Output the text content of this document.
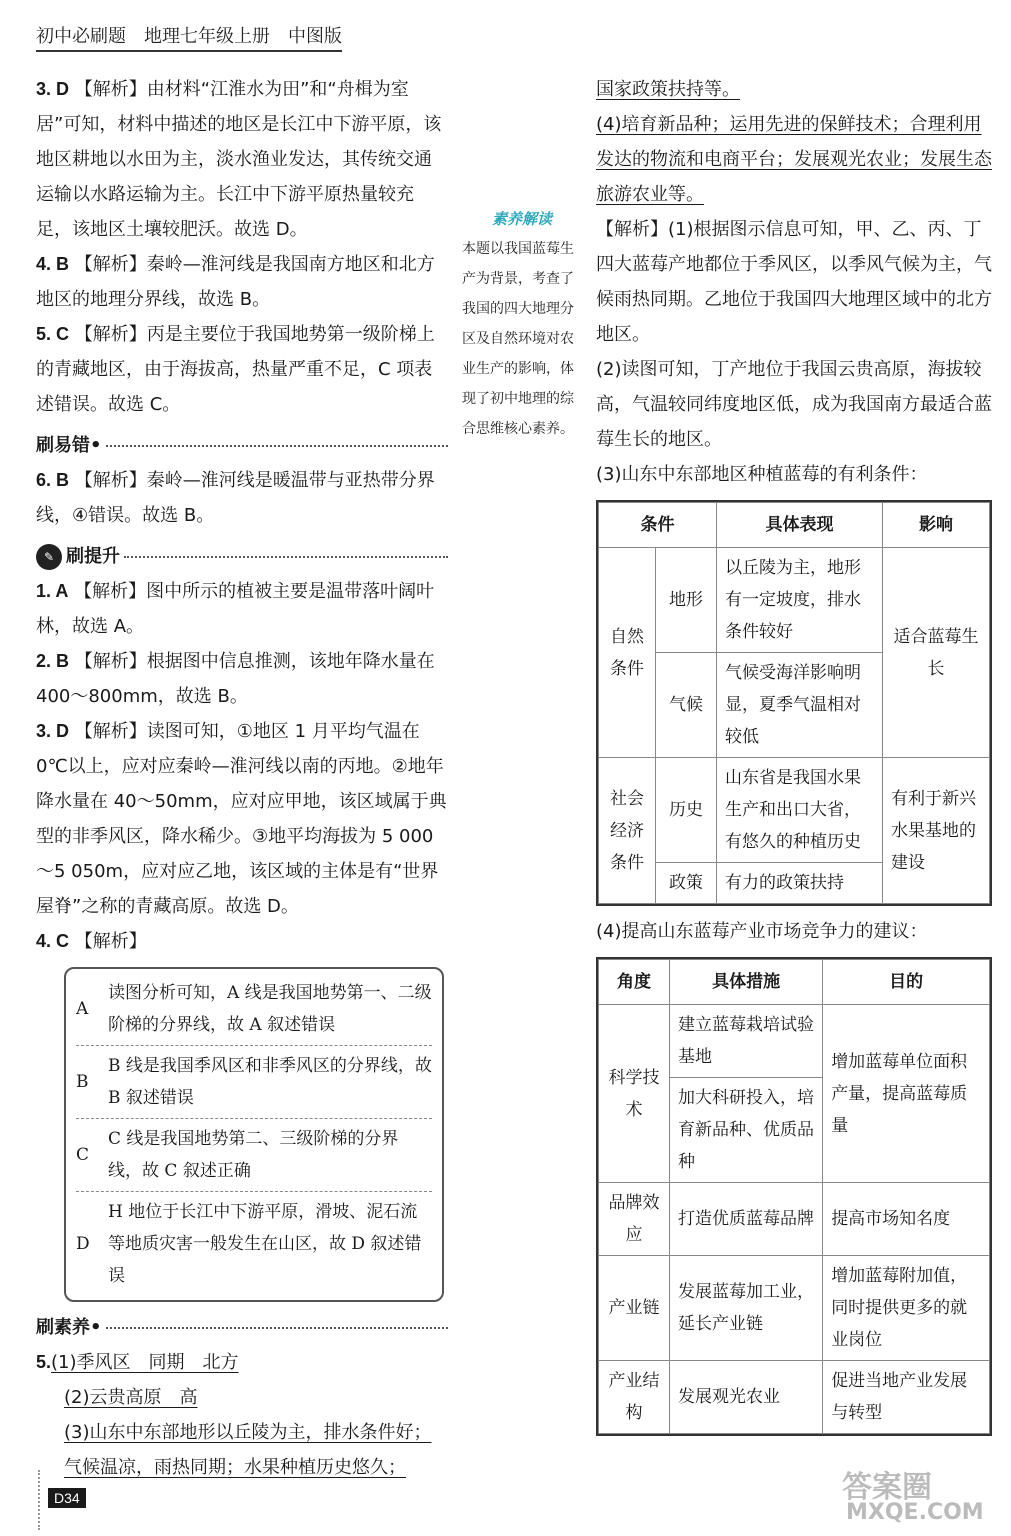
初中必刷题　地理七年级上册　中图版

3. D 【解析】由材料“江淮水为田”和“舟楫为室居”可知，材料中描述的地区是长江中下游平原，该地区耕地以水田为主，淡水渔业发达，其传统交通运输以水路运输为主。长江中下游平原热量较充足，该地区土壤较肥沃。故选 D。

4. B 【解析】秦岭—淮河线是我国南方地区和北方地区的地理分界线，故选 B。

5. C 【解析】丙是主要位于我国地势第一级阶梯上的青藏地区，由于海拔高，热量严重不足，C 项表述错误。故选 C。

刷易错•

6. B 【解析】秦岭—淮河线是暖温带与亚热带分界线，④错误。故选 B。

✎ 刷提升

1. A 【解析】图中所示的植被主要是温带落叶阔叶林，故选 A。

2. B 【解析】根据图中信息推测，该地年降水量在 400～800mm，故选 B。

3. D 【解析】读图可知，①地区 1 月平均气温在 0℃以上，应对应秦岭—淮河线以南的丙地。②地年降水量在 40～50mm，应对应甲地，该区域属于典型的非季风区，降水稀少。③地平均海拔为 5 000～5 050m，应对应乙地，该区域的主体是有“世界屋脊”之称的青藏高原。故选 D。

4. C 【解析】

A
读图分析可知，A 线是我国地势第一、二级阶梯的分界线，故 A 叙述错误
B
B 线是我国季风区和非季风区的分界线，故 B 叙述错误
C
C 线是我国地势第二、三级阶梯的分界线，故 C 叙述正确
D
H 地位于长江中下游平原，滑坡、泥石流等地质灾害一般发生在山区，故 D 叙述错误
刷素养•

5.(1)季风区　同期　北方

(2)云贵高原　高

(3)山东中东部地形以丘陵为主，排水条件好；气候温凉，雨热同期；水果种植历史悠久；

素养解读
本题以我国蓝莓生产为背景，考查了我国的四大地理分区及自然环境对农业生产的影响，体现了初中地理的综合思维核心素养。

国家政策扶持等。

(4)培育新品种；运用先进的保鲜技术；合理利用发达的物流和电商平台；发展观光农业；发展生态旅游农业等。

【解析】(1)根据图示信息可知，甲、乙、丙、丁四大蓝莓产地都位于季风区，以季风气候为主，气候雨热同期。乙地位于我国四大地理区域中的北方地区。

(2)读图可知，丁产地位于我国云贵高原，海拔较高，气温较同纬度地区低，成为我国南方最适合蓝莓生长的地区。

(3)山东中东部地区种植蓝莓的有利条件：

条件		具体表现	影响
自然条件	地形	以丘陵为主，地形有一定坡度，排水条件较好	适合蓝莓生长
	气候	气候受海洋影响明显，夏季气温相对较低	
社会经济条件	历史	山东省是我国水果生产和出口大省，有悠久的种植历史	有利于新兴水果基地的建设
	政策	有力的政策扶持	

(4)提高山东蓝莓产业市场竞争力的建议：

角度	具体措施	目的
科学技术	建立蓝莓栽培试验基地	增加蓝莓单位面积产量，提高蓝莓质量
	加大科研投入，培育新品种、优质品种	
品牌效应	打造优质蓝莓品牌	提高市场知名度
产业链	发展蓝莓加工业，延长产业链	增加蓝莓附加值，同时提供更多的就业岗位
产业结构	发展观光农业	促进当地产业发展与转型
D34	答案圈
MXQE.COM
